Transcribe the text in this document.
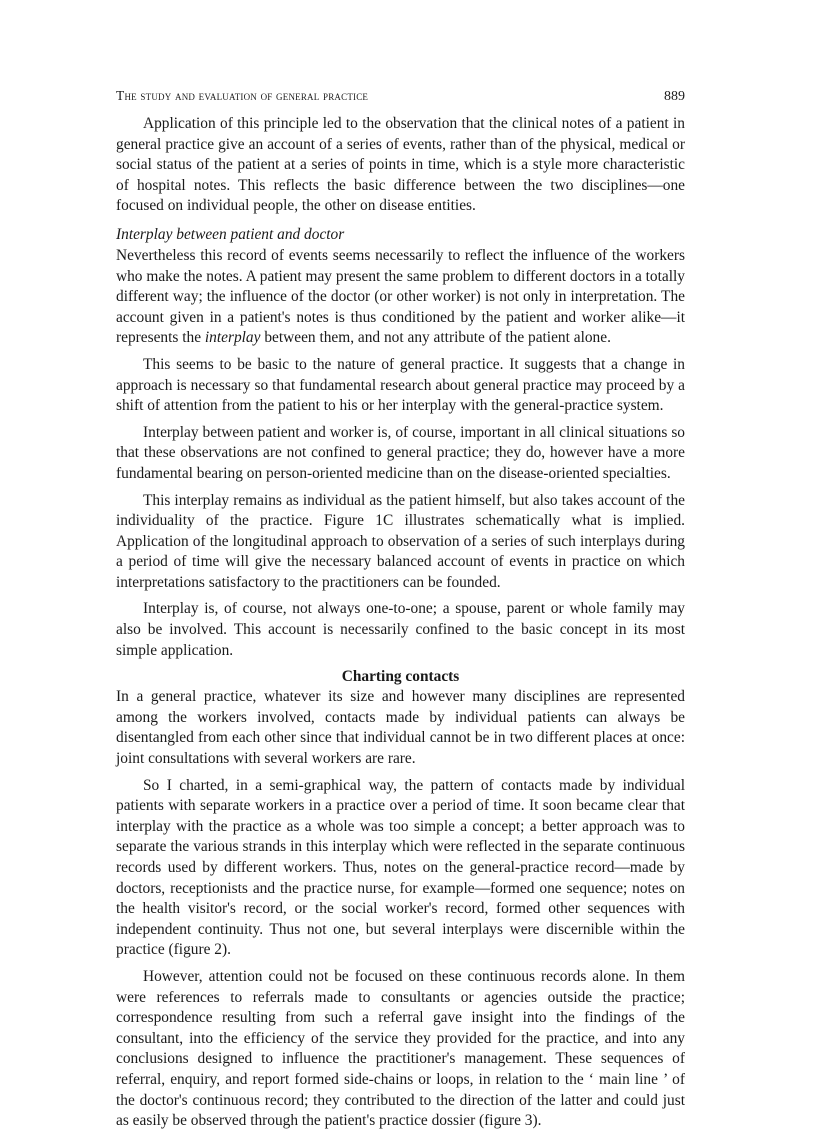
The study and evaluation of general practice	889

Application of this principle led to the observation that the clinical notes of a patient in general practice give an account of a series of events, rather than of the physical, medical or social status of the patient at a series of points in time, which is a style more characteristic of hospital notes. This reflects the basic difference between the two disciplines—one focused on individual people, the other on disease entities.

Interplay between patient and doctor

Nevertheless this record of events seems necessarily to reflect the influence of the workers who make the notes. A patient may present the same problem to different doctors in a totally different way; the influence of the doctor (or other worker) is not only in interpretation. The account given in a patient's notes is thus conditioned by the patient and worker alike—it represents the interplay between them, and not any attribute of the patient alone.

This seems to be basic to the nature of general practice. It suggests that a change in approach is necessary so that fundamental research about general practice may proceed by a shift of attention from the patient to his or her interplay with the general-practice system.

Interplay between patient and worker is, of course, important in all clinical situations so that these observations are not confined to general practice; they do, however have a more fundamental bearing on person-oriented medicine than on the disease-oriented specialties.

This interplay remains as individual as the patient himself, but also takes account of the individuality of the practice. Figure 1C illustrates schematically what is implied. Application of the longitudinal approach to observation of a series of such interplays during a period of time will give the necessary balanced account of events in practice on which interpretations satisfactory to the practitioners can be founded.

Interplay is, of course, not always one-to-one; a spouse, parent or whole family may also be involved. This account is necessarily confined to the basic concept in its most simple application.

Charting contacts

In a general practice, whatever its size and however many disciplines are represented among the workers involved, contacts made by individual patients can always be disentangled from each other since that individual cannot be in two different places at once: joint consultations with several workers are rare.

So I charted, in a semi-graphical way, the pattern of contacts made by individual patients with separate workers in a practice over a period of time. It soon became clear that interplay with the practice as a whole was too simple a concept; a better approach was to separate the various strands in this interplay which were reflected in the separate continuous records used by different workers. Thus, notes on the general-practice record—made by doctors, receptionists and the practice nurse, for example—formed one sequence; notes on the health visitor's record, or the social worker's record, formed other sequences with independent continuity. Thus not one, but several interplays were discernible within the practice (figure 2).

However, attention could not be focused on these continuous records alone. In them were references to referrals made to consultants or agencies outside the practice; correspondence resulting from such a referral gave insight into the findings of the consultant, into the efficiency of the service they provided for the practice, and into any conclusions designed to influence the practitioner's management. These sequences of referral, enquiry, and report formed side-chains or loops, in relation to the ‘ main line ’ of the doctor's continuous record; they contributed to the direction of the latter and could just as easily be observed through the patient's practice dossier (figure 3).
